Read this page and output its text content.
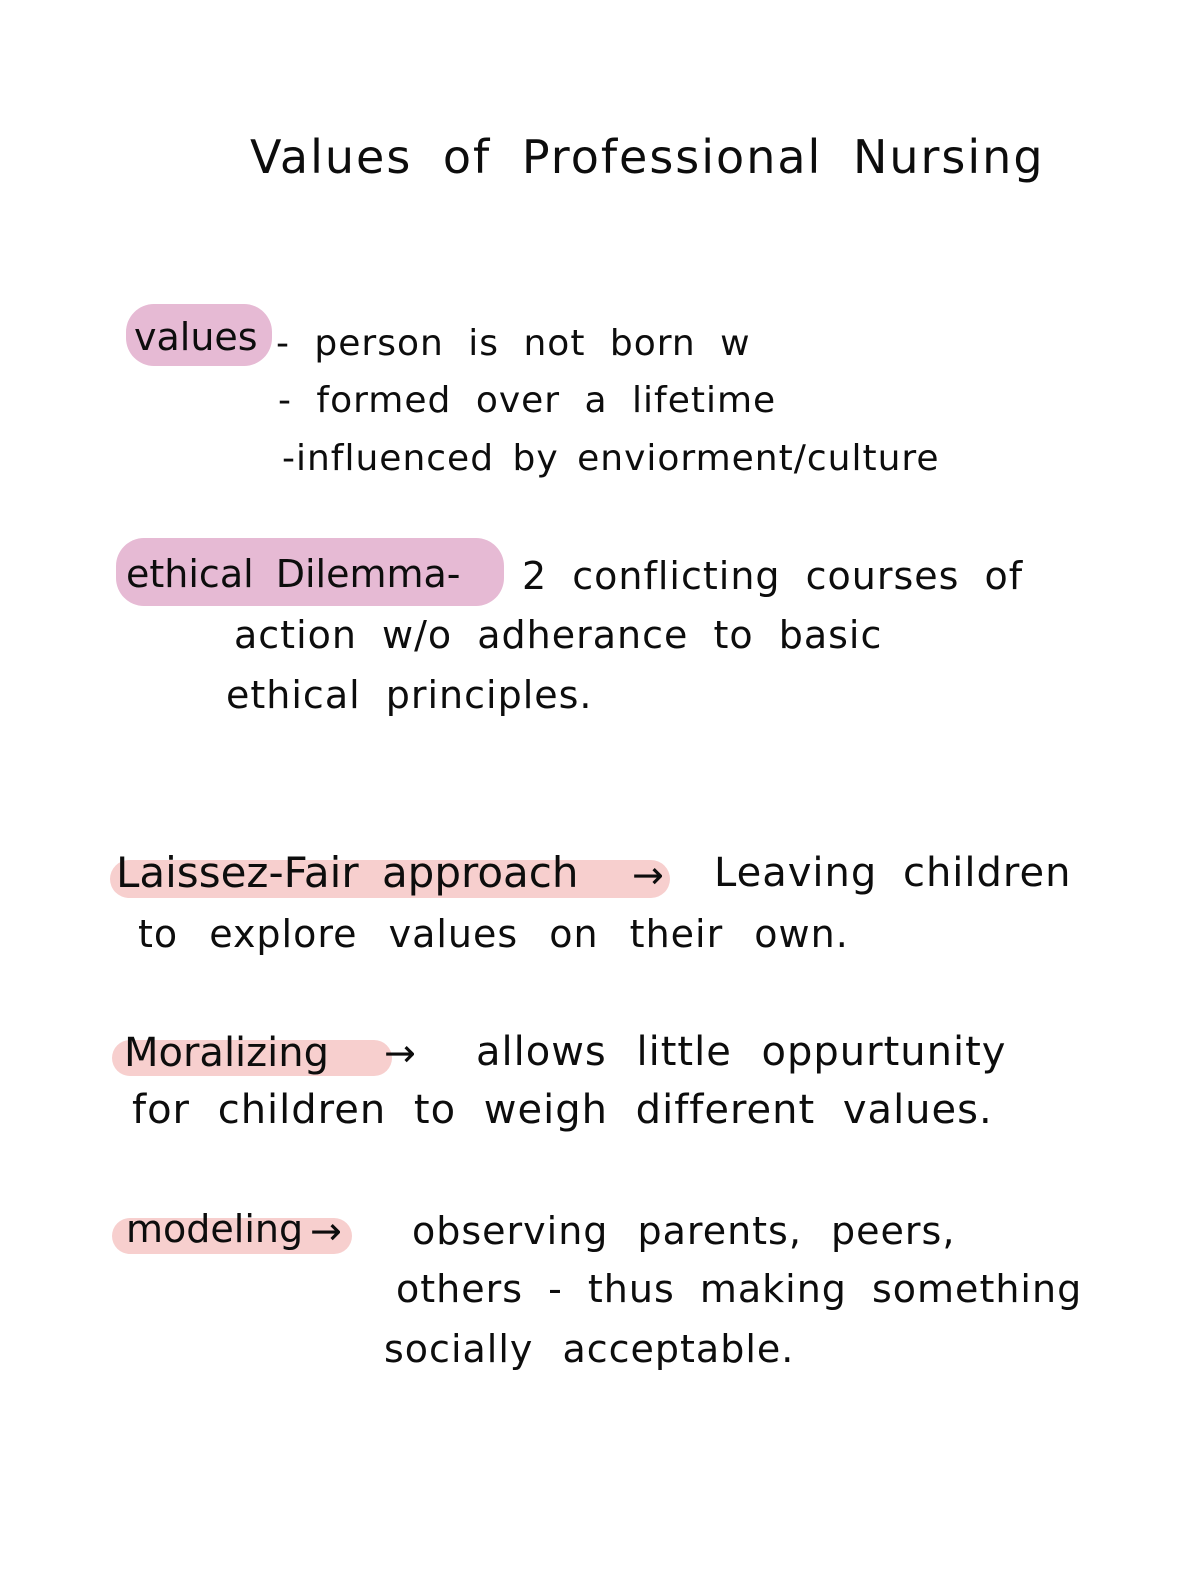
Values of Professional Nursing
values - person is not born w
- formed over a lifetime
-influenced by enviorment/culture
ethical Dilemma- 2 conflicting courses of
action w/o adherance to basic
ethical principles.
Laissez-Fair approach → Leaving children
to explore values on their own.
Moralizing → allows little oppurtunity
for children to weigh different values.
modeling → observing parents, peers,
others - thus making something
socially acceptable.
